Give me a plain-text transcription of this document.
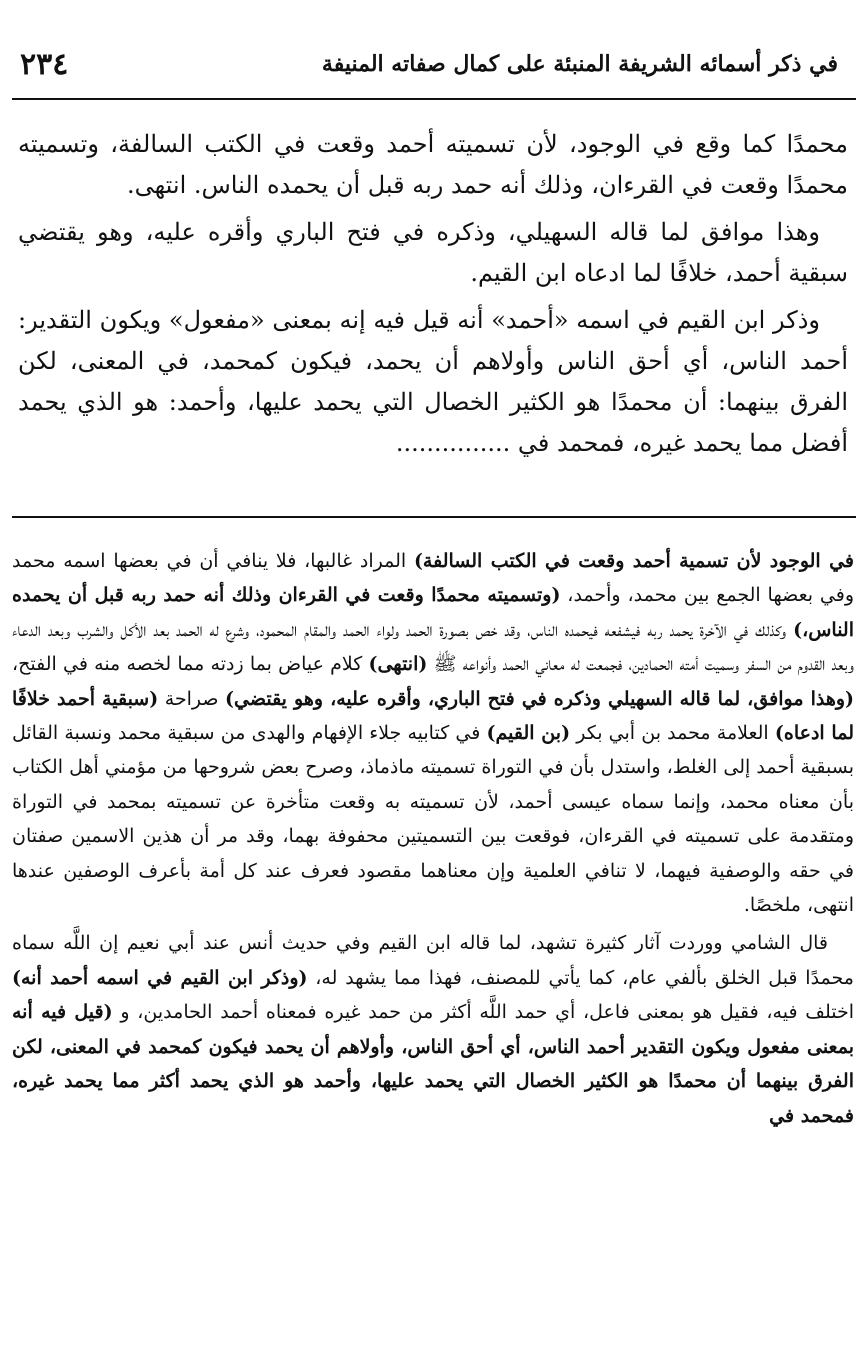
في ذكر أسمائه الشريفة المنبئة على كمال صفاته المنيفة
٢٣٤

محمدًا كما وقع في الوجود، لأن تسميته أحمد وقعت في الكتب السالفة، وتسميته محمدًا وقعت في القرءان، وذلك أنه حمد ربه قبل أن يحمده الناس. انتهى.

وهذا موافق لما قاله السهيلي، وذكره في فتح الباري وأقره عليه، وهو يقتضي سبقية أحمد، خلافًا لما ادعاه ابن القيم.

وذكر ابن القيم في اسمه «أحمد» أنه قيل فيه إنه بمعنى «مفعول» ويكون التقدير: أحمد الناس، أي أحق الناس وأولاهم أن يحمد، فيكون كمحمد، في المعنى، لكن الفرق بينهما: أن محمدًا هو الكثير الخصال التي يحمد عليها، وأحمد: هو الذي يحمد أفضل مما يحمد غيره، فمحمد في ...............

في الوجود لأن تسمية أحمد وقعت في الكتب السالفة) المراد غالبها، فلا ينافي أن في بعضها اسمه محمد وفي بعضها الجمع بين محمد، وأحمد، (وتسميته محمدًا وقعت في القرءان وذلك أنه حمد ربه قبل أن يحمده الناس،) وكذلك في الآخرة يحمد ربه فيشفعه فيحمده الناس، وقد خص بصورة الحمد ولواء الحمد والمقام المحمود، وشرع له الحمد بعد الأكل والشرب وبعد الدعاء وبعد القدوم من السفر وسميت أمته الحمادين، فجمعت له معاني الحمد وأنواعه ﷺ (انتهى) كلام عياض بما زدته مما لخصه منه في الفتح، (وهذا موافق، لما قاله السهيلي وذكره في فتح الباري، وأقره عليه، وهو يقتضي) صراحة (سبقية أحمد خلافًا لما ادعاه) العلامة محمد بن أبي بكر (بن القيم) في كتابيه جلاء الإفهام والهدى من سبقية محمد ونسبة القائل بسبقية أحمد إلى الغلط، واستدل بأن في التوراة تسميته ماذماذ، وصرح بعض شروحها من مؤمني أهل الكتاب بأن معناه محمد، وإنما سماه عيسى أحمد، لأن تسميته به وقعت متأخرة عن تسميته بمحمد في التوراة ومتقدمة على تسميته في القرءان، فوقعت بين التسميتين محفوفة بهما، وقد مر أن هذين الاسمين صفتان في حقه والوصفية فيهما، لا تنافي العلمية وإن معناهما مقصود فعرف عند كل أمة بأعرف الوصفين عندها انتهى، ملخصًا.

قال الشامي ووردت آثار كثيرة تشهد، لما قاله ابن القيم وفي حديث أنس عند أبي نعيم إن اللَّه سماه محمدًا قبل الخلق بألفي عام، كما يأتي للمصنف، فهذا مما يشهد له، (وذكر ابن القيم في اسمه أحمد أنه) اختلف فيه، فقيل هو بمعنى فاعل، أي حمد اللَّه أكثر من حمد غيره فمعناه أحمد الحامدين، و (قيل فيه أنه بمعنى مفعول ويكون التقدير أحمد الناس، أي أحق الناس، وأولاهم أن يحمد فيكون كمحمد في المعنى، لكن الفرق بينهما أن محمدًا هو الكثير الخصال التي يحمد عليها، وأحمد هو الذي يحمد أكثر مما يحمد غيره، فمحمد في
